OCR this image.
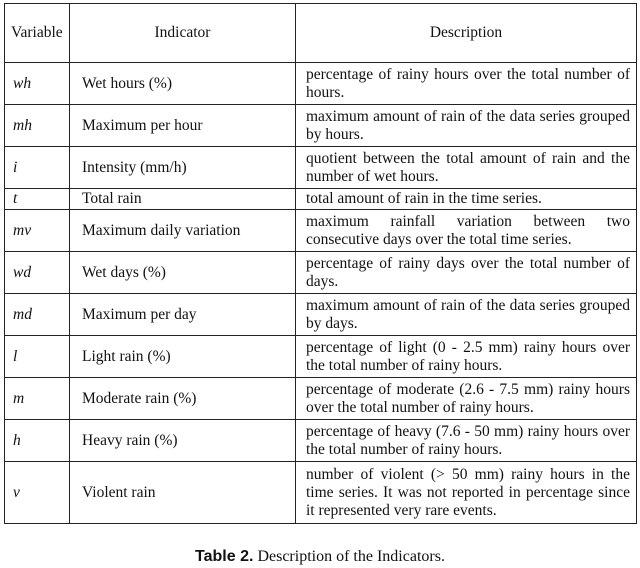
Variable	Indicator	Description
wh	Wet hours (%)	percentage of rainy hours over the total number of hours.
mh	Maximum per hour	maximum amount of rain of the data series grouped by hours.
i	Intensity (mm/h)	quotient between the total amount of rain and the number of wet hours.
t	Total rain	total amount of rain in the time series.
mv	Maximum daily variation	maximum rainfall variation between two consecutive days over the total time series.
wd	Wet days (%)	percentage of rainy days over the total number of days.
md	Maximum per day	maximum amount of rain of the data series grouped by days.
l	Light rain (%)	percentage of light (0 - 2.5 mm) rainy hours over the total number of rainy hours.
m	Moderate rain (%)	percentage of moderate (2.6 - 7.5 mm) rainy hours over the total number of rainy hours.
h	Heavy rain (%)	percentage of heavy (7.6 - 50 mm) rainy hours over the total number of rainy hours.
v	Violent rain	number of violent (> 50 mm) rainy hours in the time series. It was not reported in percentage since it represented very rare events.
Table 2. Description of the Indicators.
